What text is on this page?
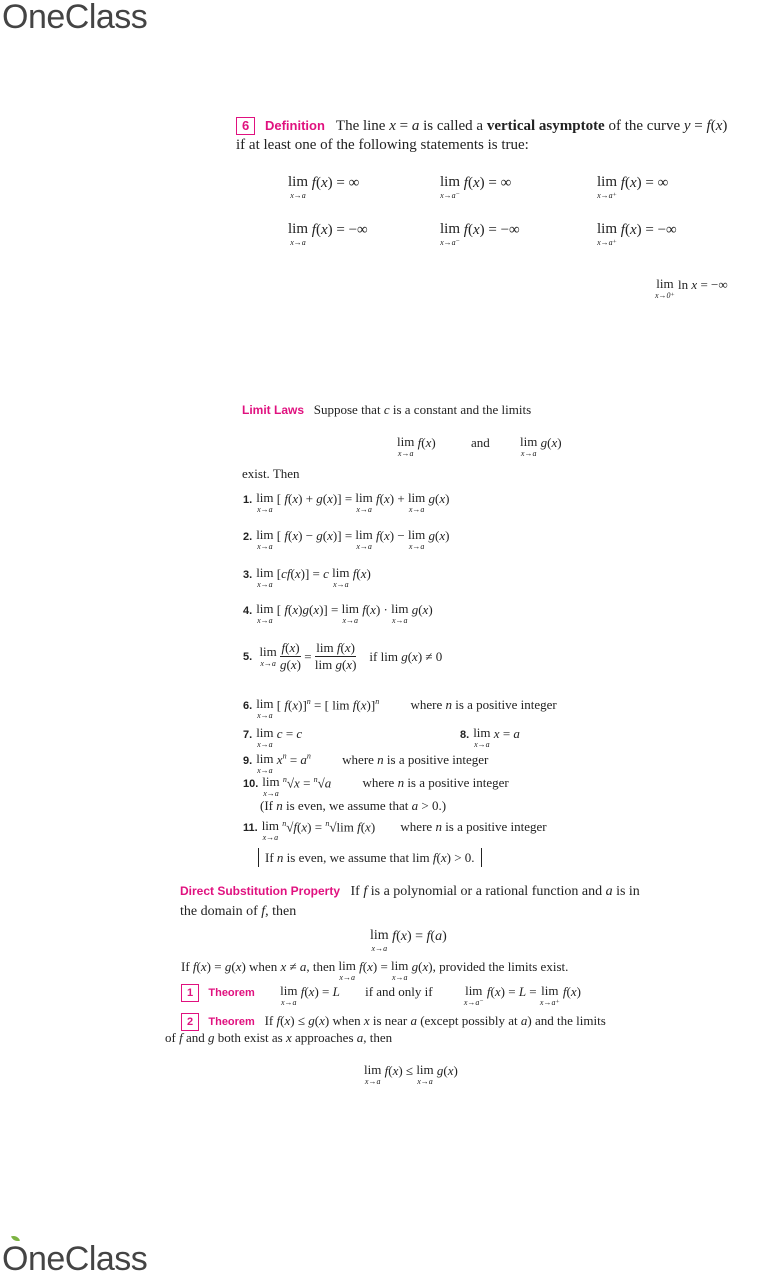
OneClass
OneClass
6 Definition   The line x = a is called a vertical asymptote of the curve y = f(x)
if at least one of the following statements is true:
lim
x→a
f(x) = ∞	lim
x→a⁻
f(x) = ∞	lim
x→a⁺
f(x) = ∞
lim
x→a
f(x) = −∞	lim
x→a⁻
f(x) = −∞	lim
x→a⁺
f(x) = −∞
lim
x→0⁺
ln x = −∞
Limit Laws   Suppose that c is a constant and the limits
lim
x→a
f(x)	and lim
x→a
g(x)
exist. Then
1. lim
x→a
[ f(x) + g(x)] = lim
x→a
f(x) + lim
x→a
g(x)
2. lim
x→a
[ f(x) − g(x)] = lim
x→a
f(x) − lim
x→a
g(x)
3. lim
x→a
[cf(x)] = c lim
x→a
f(x)
4. lim
x→a
[ f(x)g(x)] = lim
x→a
f(x) · lim
x→a
g(x)
5. lim
x→a
$\frac{f(x)}{g(x)} = \frac{\text{lim f(x)}}{\text{lim g(x)}}$ if lim g(x) ≠ 0
6. lim
x→a
[ f(x)]$^n$ = [ lim f(x)]$^n$ where n is a positive integer
7. lim
x→a
c = c	8. lim
x→a
x = a
9. lim
x→a
$x^n = a^n$ where n is a positive integer
10. lim
x→a
$^n$√x = $^n$√a where n is a positive integer
(If n is even, we assume that a > 0.)
11. lim
x→a
$^n$√f(x) = $^n$√lim f(x) where n is a positive integer
If n is even, we assume that lim f(x) > 0.
Direct Substitution Property   If f is a polynomial or a rational function and a is in
the domain of f, then
lim
x→a
f(x) = f(a)
If f(x) = g(x) when x ≠ a, then lim
x→a
f(x) = lim
x→a
g(x), provided the limits exist.
1 Theorem lim
x→a
f(x) = L if and only if lim
x→a⁻
f(x) = L = lim
x→a⁺
f(x)
2 Theorem   If f(x) ≤ g(x) when x is near a (except possibly at a) and the limits
of f and g both exist as x approaches a, then
lim
x→a
f(x) ≤ lim
x→a
g(x)
